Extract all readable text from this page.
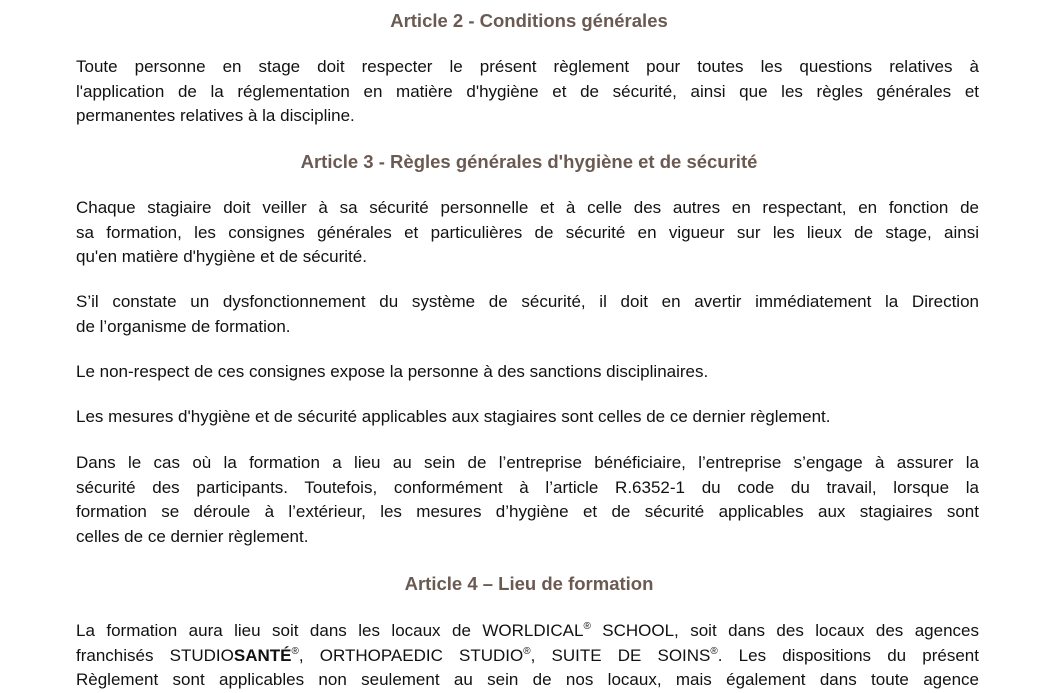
Article 2 - Conditions générales
Toute personne en stage doit respecter le présent règlement pour toutes les questions relatives à
l'application de la réglementation en matière d'hygiène et de sécurité, ainsi que les règles générales et
permanentes relatives à la discipline.
Article 3 - Règles générales d'hygiène et de sécurité
Chaque stagiaire doit veiller à sa sécurité personnelle et à celle des autres en respectant, en fonction de
sa formation, les consignes générales et particulières de sécurité en vigueur sur les lieux de stage, ainsi
qu'en matière d'hygiène et de sécurité.
S’il constate un dysfonctionnement du système de sécurité, il doit en avertir immédiatement la Direction
de l’organisme de formation.
Le non-respect de ces consignes expose la personne à des sanctions disciplinaires.
Les mesures d'hygiène et de sécurité applicables aux stagiaires sont celles de ce dernier règlement.
Dans le cas où la formation a lieu au sein de l’entreprise bénéficiaire, l’entreprise s’engage à assurer la
sécurité des participants. Toutefois, conformément à l’article R.6352-1 du code du travail, lorsque la
formation se déroule à l’extérieur, les mesures d’hygiène et de sécurité applicables aux stagiaires sont
celles de ce dernier règlement.
Article 4 – Lieu de formation
La formation aura lieu soit dans les locaux de WORLDICAL® SCHOOL, soit dans des locaux des agences
franchisés STUDIOSANTÉ®, ORTHOPAEDIC STUDIO®, SUITE DE SOINS®. Les dispositions du présent
Règlement sont applicables non seulement au sein de nos locaux, mais également dans toute agence
